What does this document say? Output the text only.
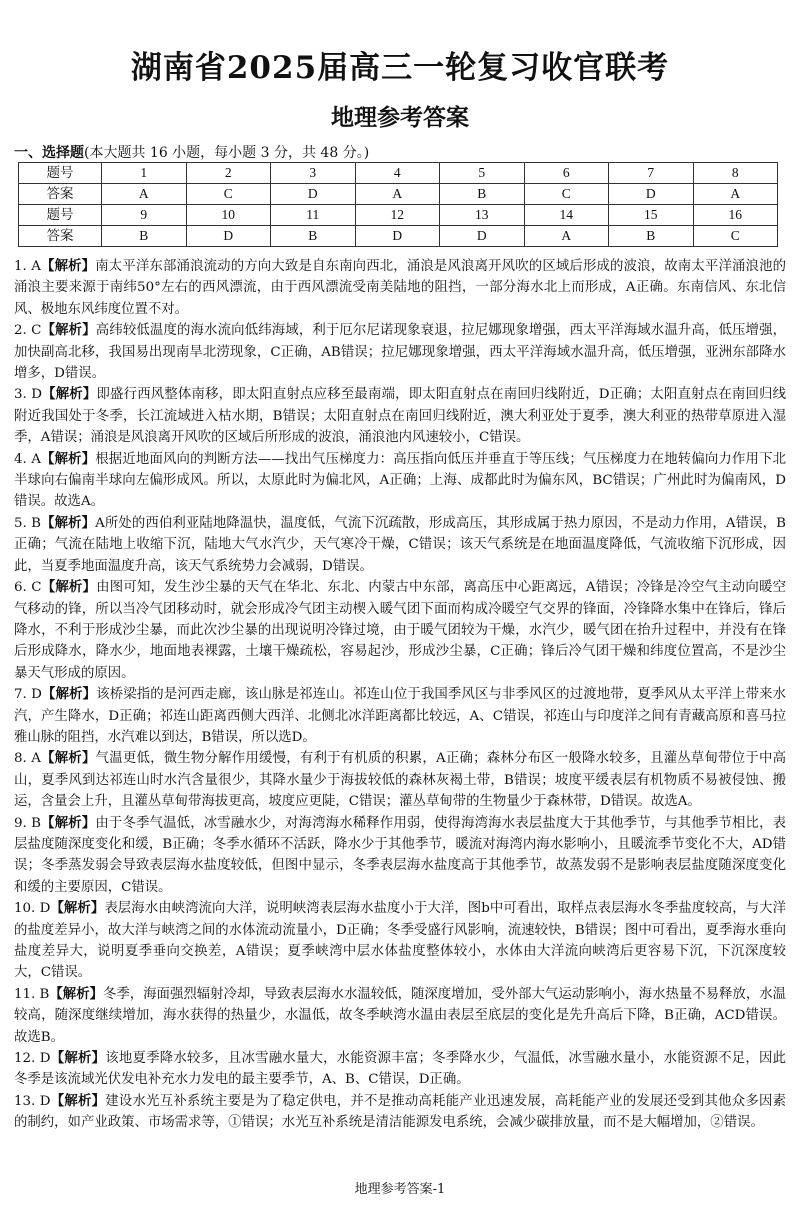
湖南省2025届高三一轮复习收官联考
地理参考答案
一、选择题(本大题共 16 小题，每小题 3 分，共 48 分。)
题号	1	2	3	4	5	6	7	8
答案	A	C	D	A	B	C	D	A
题号	9	10	11	12	13	14	15	16
答案	B	D	B	D	D	A	B	C

1. A【解析】南太平洋东部涌浪流动的方向大致是自东南向西北，涌浪是风浪离开风吹的区域后形成的波浪，故南太平洋涌浪池的涌浪主要来源于南纬50°左右的西风漂流，由于西风漂流受南美陆地的阻挡，一部分海水北上而形成，A正确。东南信风、东北信风、极地东风纬度位置不对。

2. C【解析】高纬较低温度的海水流向低纬海域，利于厄尔尼诺现象衰退，拉尼娜现象增强，西太平洋海域水温升高，低压增强，加快副高北移，我国易出现南旱北涝现象，C正确，AB错误；拉尼娜现象增强，西太平洋海域水温升高，低压增强，亚洲东部降水增多，D错误。

3. D【解析】即盛行西风整体南移，即太阳直射点应移至最南端，即太阳直射点在南回归线附近，D正确；太阳直射点在南回归线附近我国处于冬季，长江流域进入枯水期，B错误；太阳直射点在南回归线附近，澳大利亚处于夏季，澳大利亚的热带草原进入湿季，A错误；涌浪是风浪离开风吹的区域后所形成的波浪，涌浪池内风速较小，C错误。

4. A【解析】根据近地面风向的判断方法——找出气压梯度力：高压指向低压并垂直于等压线；气压梯度力在地转偏向力作用下北半球向右偏南半球向左偏形成风。所以，太原此时为偏北风，A正确；上海、成都此时为偏东风，BC错误；广州此时为偏南风，D错误。故选A。

5. B【解析】A所处的西伯利亚陆地降温快，温度低，气流下沉疏散，形成高压，其形成属于热力原因，不是动力作用，A错误，B正确；气流在陆地上收缩下沉，陆地大气水汽少，天气寒冷干燥，C错误；该天气系统是在地面温度降低，气流收缩下沉形成，因此，当夏季地面温度升高，该天气系统势力会减弱，D错误。

6. C【解析】由图可知，发生沙尘暴的天气在华北、东北、内蒙古中东部，离高压中心距离远，A错误；冷锋是冷空气主动向暖空气移动的锋，所以当冷气团移动时，就会形成冷气团主动楔入暖气团下面而构成冷暖空气交界的锋面，冷锋降水集中在锋后，锋后降水，不利于形成沙尘暴，而此次沙尘暴的出现说明冷锋过境，由于暖气团较为干燥，水汽少，暖气团在抬升过程中，并没有在锋后形成降水，降水少，地面地表裸露，土壤干燥疏松，容易起沙，形成沙尘暴，C正确；锋后冷气团干燥和纬度位置高，不是沙尘暴天气形成的原因。

7. D【解析】该桥梁指的是河西走廊，该山脉是祁连山。祁连山位于我国季风区与非季风区的过渡地带，夏季风从太平洋上带来水汽，产生降水，D正确；祁连山距离西侧大西洋、北侧北冰洋距离都比较远，A、C错误，祁连山与印度洋之间有青藏高原和喜马拉雅山脉的阻挡，水汽难以到达，B错误，所以选D。

8. A【解析】气温更低，微生物分解作用缓慢，有利于有机质的积累，A正确；森林分布区一般降水较多，且灌丛草甸带位于中高山，夏季风到达祁连山时水汽含量很少，其降水量少于海拔较低的森林灰褐土带，B错误；坡度平缓表层有机物质不易被侵蚀、搬运，含量会上升，且灌丛草甸带海拔更高，坡度应更陡，C错误；灌丛草甸带的生物量少于森林带，D错误。故选A。

9. B【解析】由于冬季气温低，冰雪融水少，对海湾海水稀释作用弱，使得海湾海水表层盐度大于其他季节，与其他季节相比，表层盐度随深度变化和缓，B正确；冬季水循环不活跃，降水少于其他季节，暖流对海湾内海水影响小，且暖流季节变化不大，AD错误；冬季蒸发弱会导致表层海水盐度较低，但图中显示，冬季表层海水盐度高于其他季节，故蒸发弱不是影响表层盐度随深度变化和缓的主要原因，C错误。

10. D【解析】表层海水由峡湾流向大洋，说明峡湾表层海水盐度小于大洋，图b中可看出，取样点表层海水冬季盐度较高，与大洋的盐度差异小，故大洋与峡湾之间的水体流动流量小，D正确；冬季受盛行风影响，流速较快，B错误；图中可看出，夏季海水垂向盐度差异大，说明夏季垂向交换差，A错误；夏季峡湾中层水体盐度整体较小，水体由大洋流向峡湾后更容易下沉，下沉深度较大，C错误。

11. B【解析】冬季，海面强烈辐射冷却，导致表层海水水温较低，随深度增加，受外部大气运动影响小，海水热量不易释放，水温较高，随深度继续增加，海水获得的热量少，水温低，故冬季峡湾水温由表层至底层的变化是先升高后下降，B正确，ACD错误。故选B。

12. D【解析】该地夏季降水较多，且冰雪融水量大，水能资源丰富；冬季降水少，气温低，冰雪融水量小，水能资源不足，因此冬季是该流域光伏发电补充水力发电的最主要季节，A、B、C错误，D正确。

13. D【解析】建设水光互补系统主要是为了稳定供电，并不是推动高耗能产业迅速发展，高耗能产业的发展还受到其他众多因素的制约，如产业政策、市场需求等，①错误；水光互补系统是清洁能源发电系统，会减少碳排放量，而不是大幅增加，②错误。

地理参考答案-1
